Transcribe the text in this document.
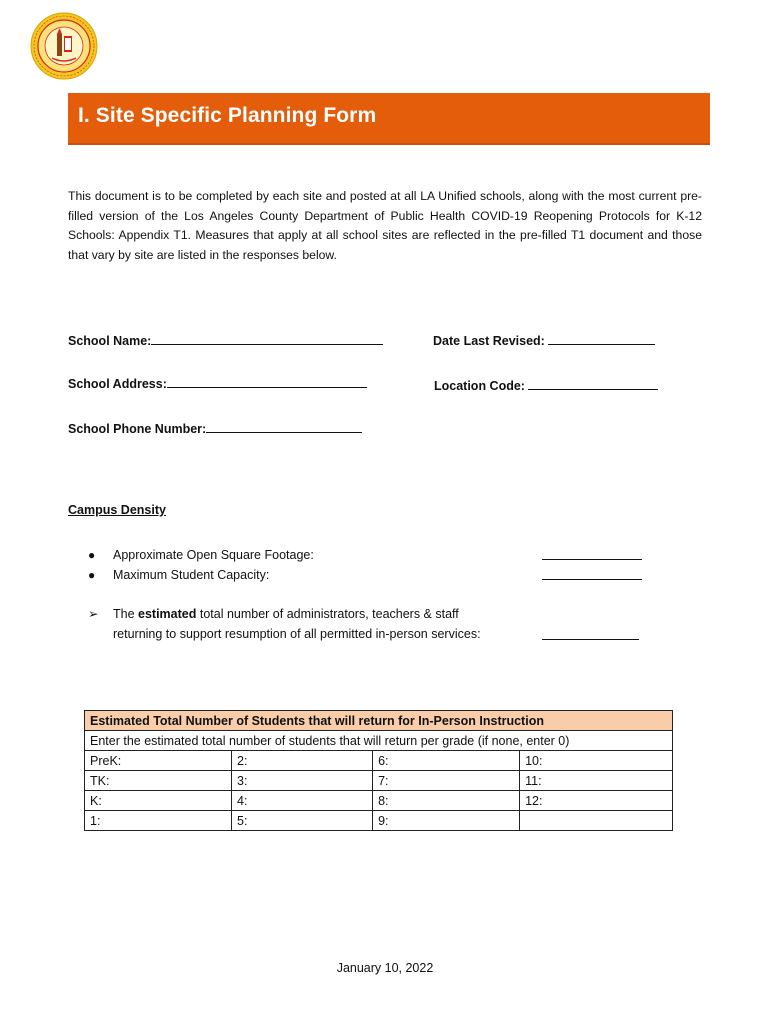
I. Site Specific Planning Form
This document is to be completed by each site and posted at all LA Unified schools, along with the most current pre-filled version of the Los Angeles County Department of Public Health COVID-19 Reopening Protocols for K-12 Schools: Appendix T1. Measures that apply at all school sites are reflected in the pre-filled T1 document and those that vary by site are listed in the responses below.
School Name:	Date Last Revised:
School Address:	Location Code:
School Phone Number:
Campus Density
●	Approximate Open Square Footage:
●	Maximum Student Capacity:
➢	The estimated total number of administrators, teachers & staff
returning to support resumption of all permitted in-person services:
Estimated Total Number of Students that will return for In-Person Instruction			
Enter the estimated total number of students that will return per grade (if none, enter 0)			
PreK:	2:	6:	10:
TK:	3:	7:	11:
K:	4:	8:	12:
1:	5:	9:	
January 10, 2022
